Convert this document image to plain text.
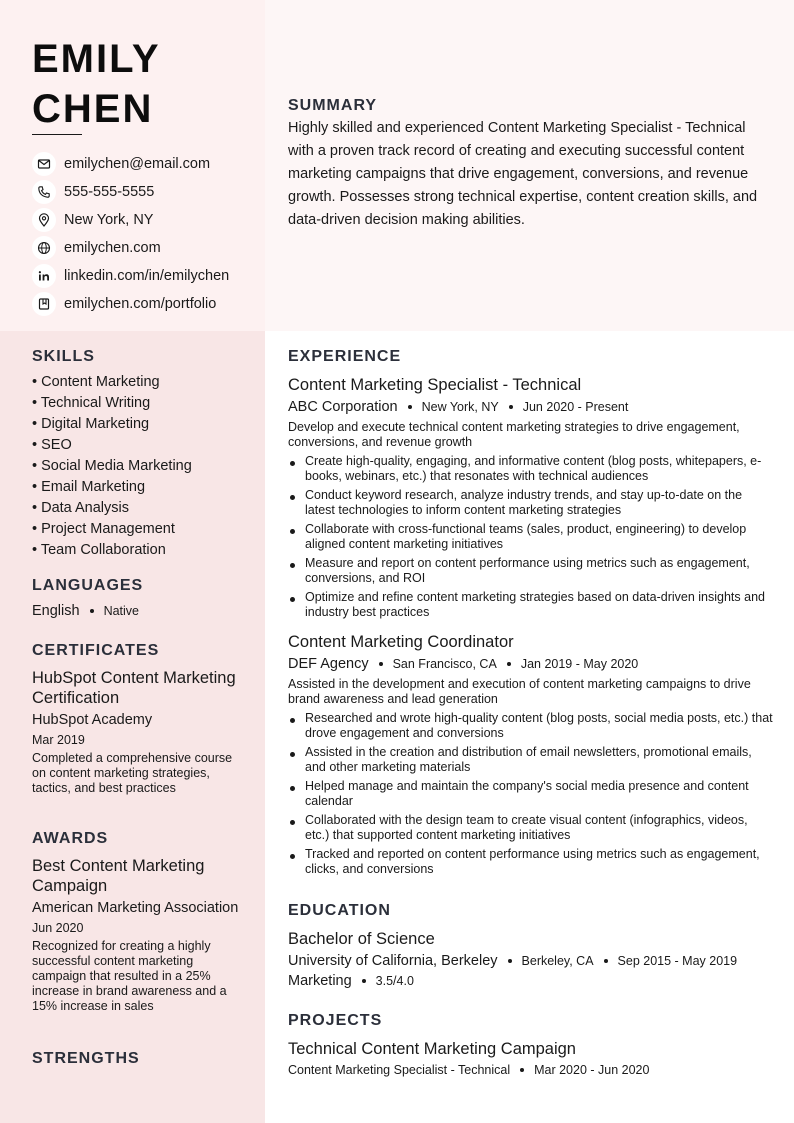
EMILY
CHEN
emilychen@email.com
555-555-5555
New York, NY
emilychen.com
linkedin.com/in/emilychen
emilychen.com/portfolio
SUMMARY
Highly skilled and experienced Content Marketing Specialist - Technical with a proven track record of creating and executing successful content marketing campaigns that drive engagement, conversions, and revenue growth. Possesses strong technical expertise, content creation skills, and data-driven decision making abilities.
SKILLS
• Content Marketing
• Technical Writing
• Digital Marketing
• SEO
• Social Media Marketing
• Email Marketing
• Data Analysis
• Project Management
• Team Collaboration
LANGUAGES
English Native
CERTIFICATES
HubSpot Content Marketing Certification
HubSpot Academy
Mar 2019
Completed a comprehensive course on content marketing strategies, tactics, and best practices
AWARDS
Best Content Marketing Campaign
American Marketing Association
Jun 2020
Recognized for creating a highly successful content marketing campaign that resulted in a 25% increase in brand awareness and a 15% increase in sales
STRENGTHS
EXPERIENCE
Content Marketing Specialist - Technical
ABC Corporation New York, NY Jun 2020 - Present
Develop and execute technical content marketing strategies to drive engagement, conversions, and revenue growth
Create high-quality, engaging, and informative content (blog posts, whitepapers, e-books, webinars, etc.) that resonates with technical audiences
Conduct keyword research, analyze industry trends, and stay up-to-date on the latest technologies to inform content marketing strategies
Collaborate with cross-functional teams (sales, product, engineering) to develop aligned content marketing initiatives
Measure and report on content performance using metrics such as engagement, conversions, and ROI
Optimize and refine content marketing strategies based on data-driven insights and industry best practices
Content Marketing Coordinator
DEF Agency San Francisco, CA Jan 2019 - May 2020
Assisted in the development and execution of content marketing campaigns to drive brand awareness and lead generation
Researched and wrote high-quality content (blog posts, social media posts, etc.) that drove engagement and conversions
Assisted in the creation and distribution of email newsletters, promotional emails, and other marketing materials
Helped manage and maintain the company's social media presence and content calendar
Collaborated with the design team to create visual content (infographics, videos, etc.) that supported content marketing initiatives
Tracked and reported on content performance using metrics such as engagement, clicks, and conversions
EDUCATION
Bachelor of Science
University of California, Berkeley Berkeley, CA Sep 2015 - May 2019
Marketing 3.5/4.0
PROJECTS
Technical Content Marketing Campaign
Content Marketing Specialist - Technical Mar 2020 - Jun 2020
